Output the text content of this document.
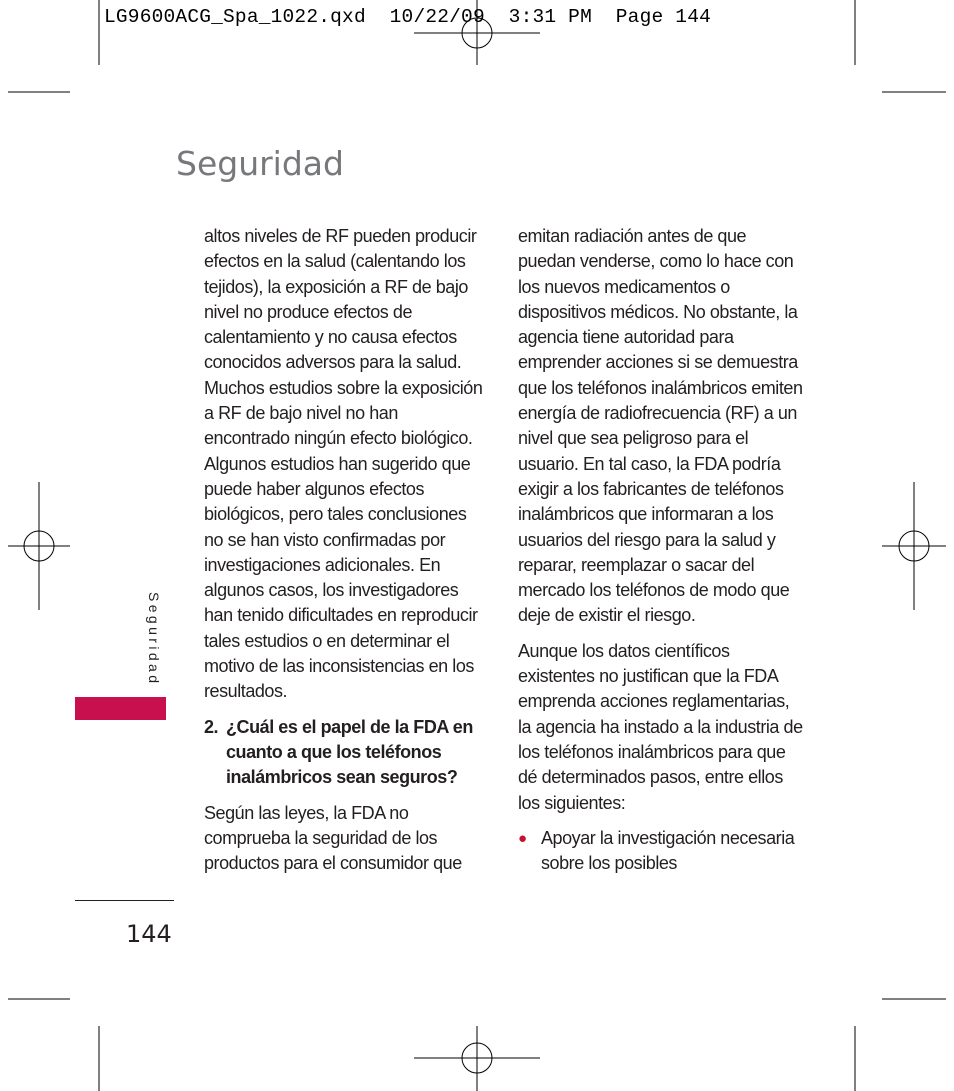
LG9600ACG_Spa_1022.qxd  10/22/09  3:31 PM  Page 144
Seguridad

altos niveles de RF pueden producir efectos en la salud (calentando los tejidos), la exposición a RF de bajo nivel no produce efectos de calentamiento y no causa efectos conocidos adversos para la salud. Muchos estudios sobre la exposición a RF de bajo nivel no han encontrado ningún efecto biológico. Algunos estudios han sugerido que puede haber algunos efectos biológicos, pero tales conclusiones no se han visto confirmadas por investigaciones adicionales. En algunos casos, los investigadores han tenido dificultades en reproducir tales estudios o en determinar el motivo de las inconsistencias en los resultados.

2. ¿Cuál es el papel de la FDA en cuanto a que los teléfonos inalámbricos sean seguros?

Según las leyes, la FDA no comprueba la seguridad de los productos para el consumidor que

emitan radiación antes de que puedan venderse, como lo hace con los nuevos medicamentos o dispositivos médicos. No obstante, la agencia tiene autoridad para emprender acciones si se demuestra que los teléfonos inalámbricos emiten energía de radiofrecuencia (RF) a un nivel que sea peligroso para el usuario. En tal caso, la FDA podría exigir a los fabricantes de teléfonos inalámbricos que informaran a los usuarios del riesgo para la salud y reparar, reemplazar o sacar del mercado los teléfonos de modo que deje de existir el riesgo.

Aunque los datos científicos existentes no justifican que la FDA emprenda acciones reglamentarias, la agencia ha instado a la industria de los teléfonos inalámbricos para que dé determinados pasos, entre ellos los siguientes:

● Apoyar la investigación necesaria sobre los posibles
Seguridad
144
